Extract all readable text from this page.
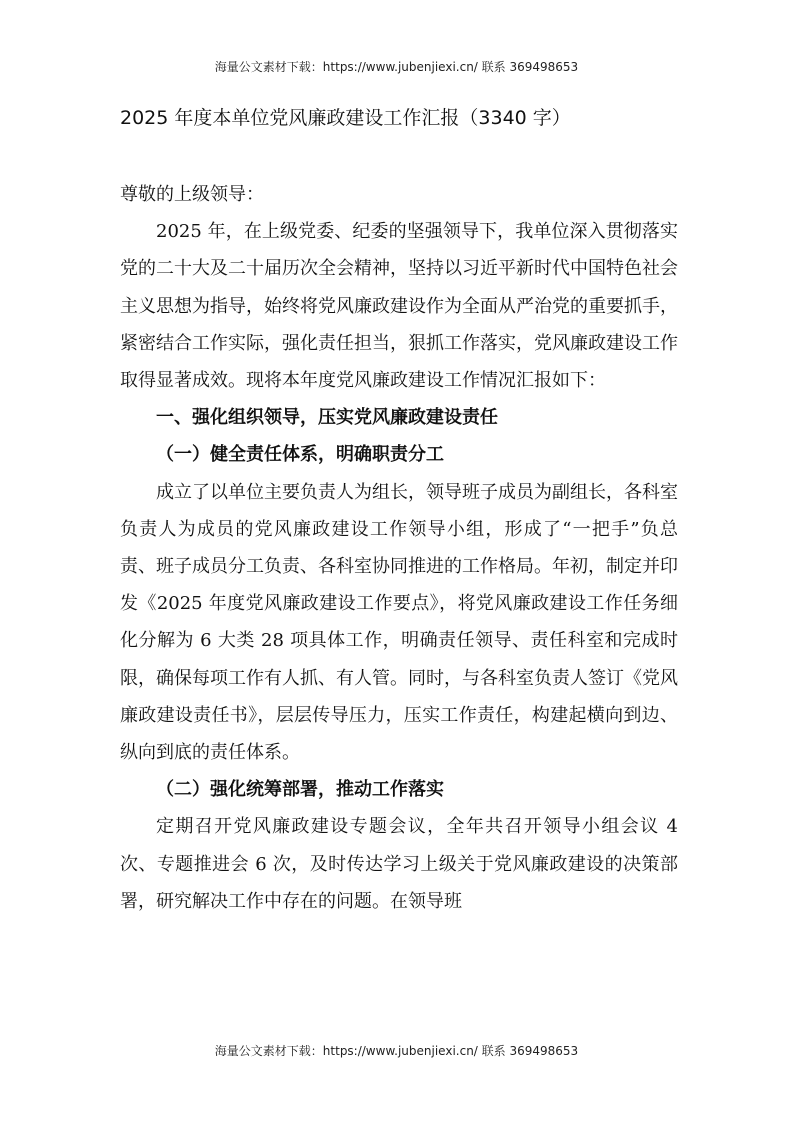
海量公文素材下载：https://www.jubenjiexi.cn/ 联系 369498653
2025 年度本单位党风廉政建设工作汇报（3340 字）

尊敬的上级领导：

2025 年，在上级党委、纪委的坚强领导下，我单位深入贯彻落实党的二十大及二十届历次全会精神，坚持以习近平新时代中国特色社会主义思想为指导，始终将党风廉政建设作为全面从严治党的重要抓手，紧密结合工作实际，强化责任担当，狠抓工作落实，党风廉政建设工作取得显著成效。现将本年度党风廉政建设工作情况汇报如下：

一、强化组织领导，压实党风廉政建设责任

（一）健全责任体系，明确职责分工

成立了以单位主要负责人为组长，领导班子成员为副组长，各科室负责人为成员的党风廉政建设工作领导小组，形成了“一把手”负总责、班子成员分工负责、各科室协同推进的工作格局。年初，制定并印发《2025 年度党风廉政建设工作要点》，将党风廉政建设工作任务细化分解为 6 大类 28 项具体工作，明确责任领导、责任科室和完成时限，确保每项工作有人抓、有人管。同时，与各科室负责人签订《党风廉政建设责任书》，层层传导压力，压实工作责任，构建起横向到边、纵向到底的责任体系。

（二）强化统筹部署，推动工作落实

定期召开党风廉政建设专题会议，全年共召开领导小组会议 4 次、专题推进会 6 次，及时传达学习上级关于党风廉政建设的决策部署，研究解决工作中存在的问题。在领导班

海量公文素材下载：https://www.jubenjiexi.cn/ 联系 369498653
